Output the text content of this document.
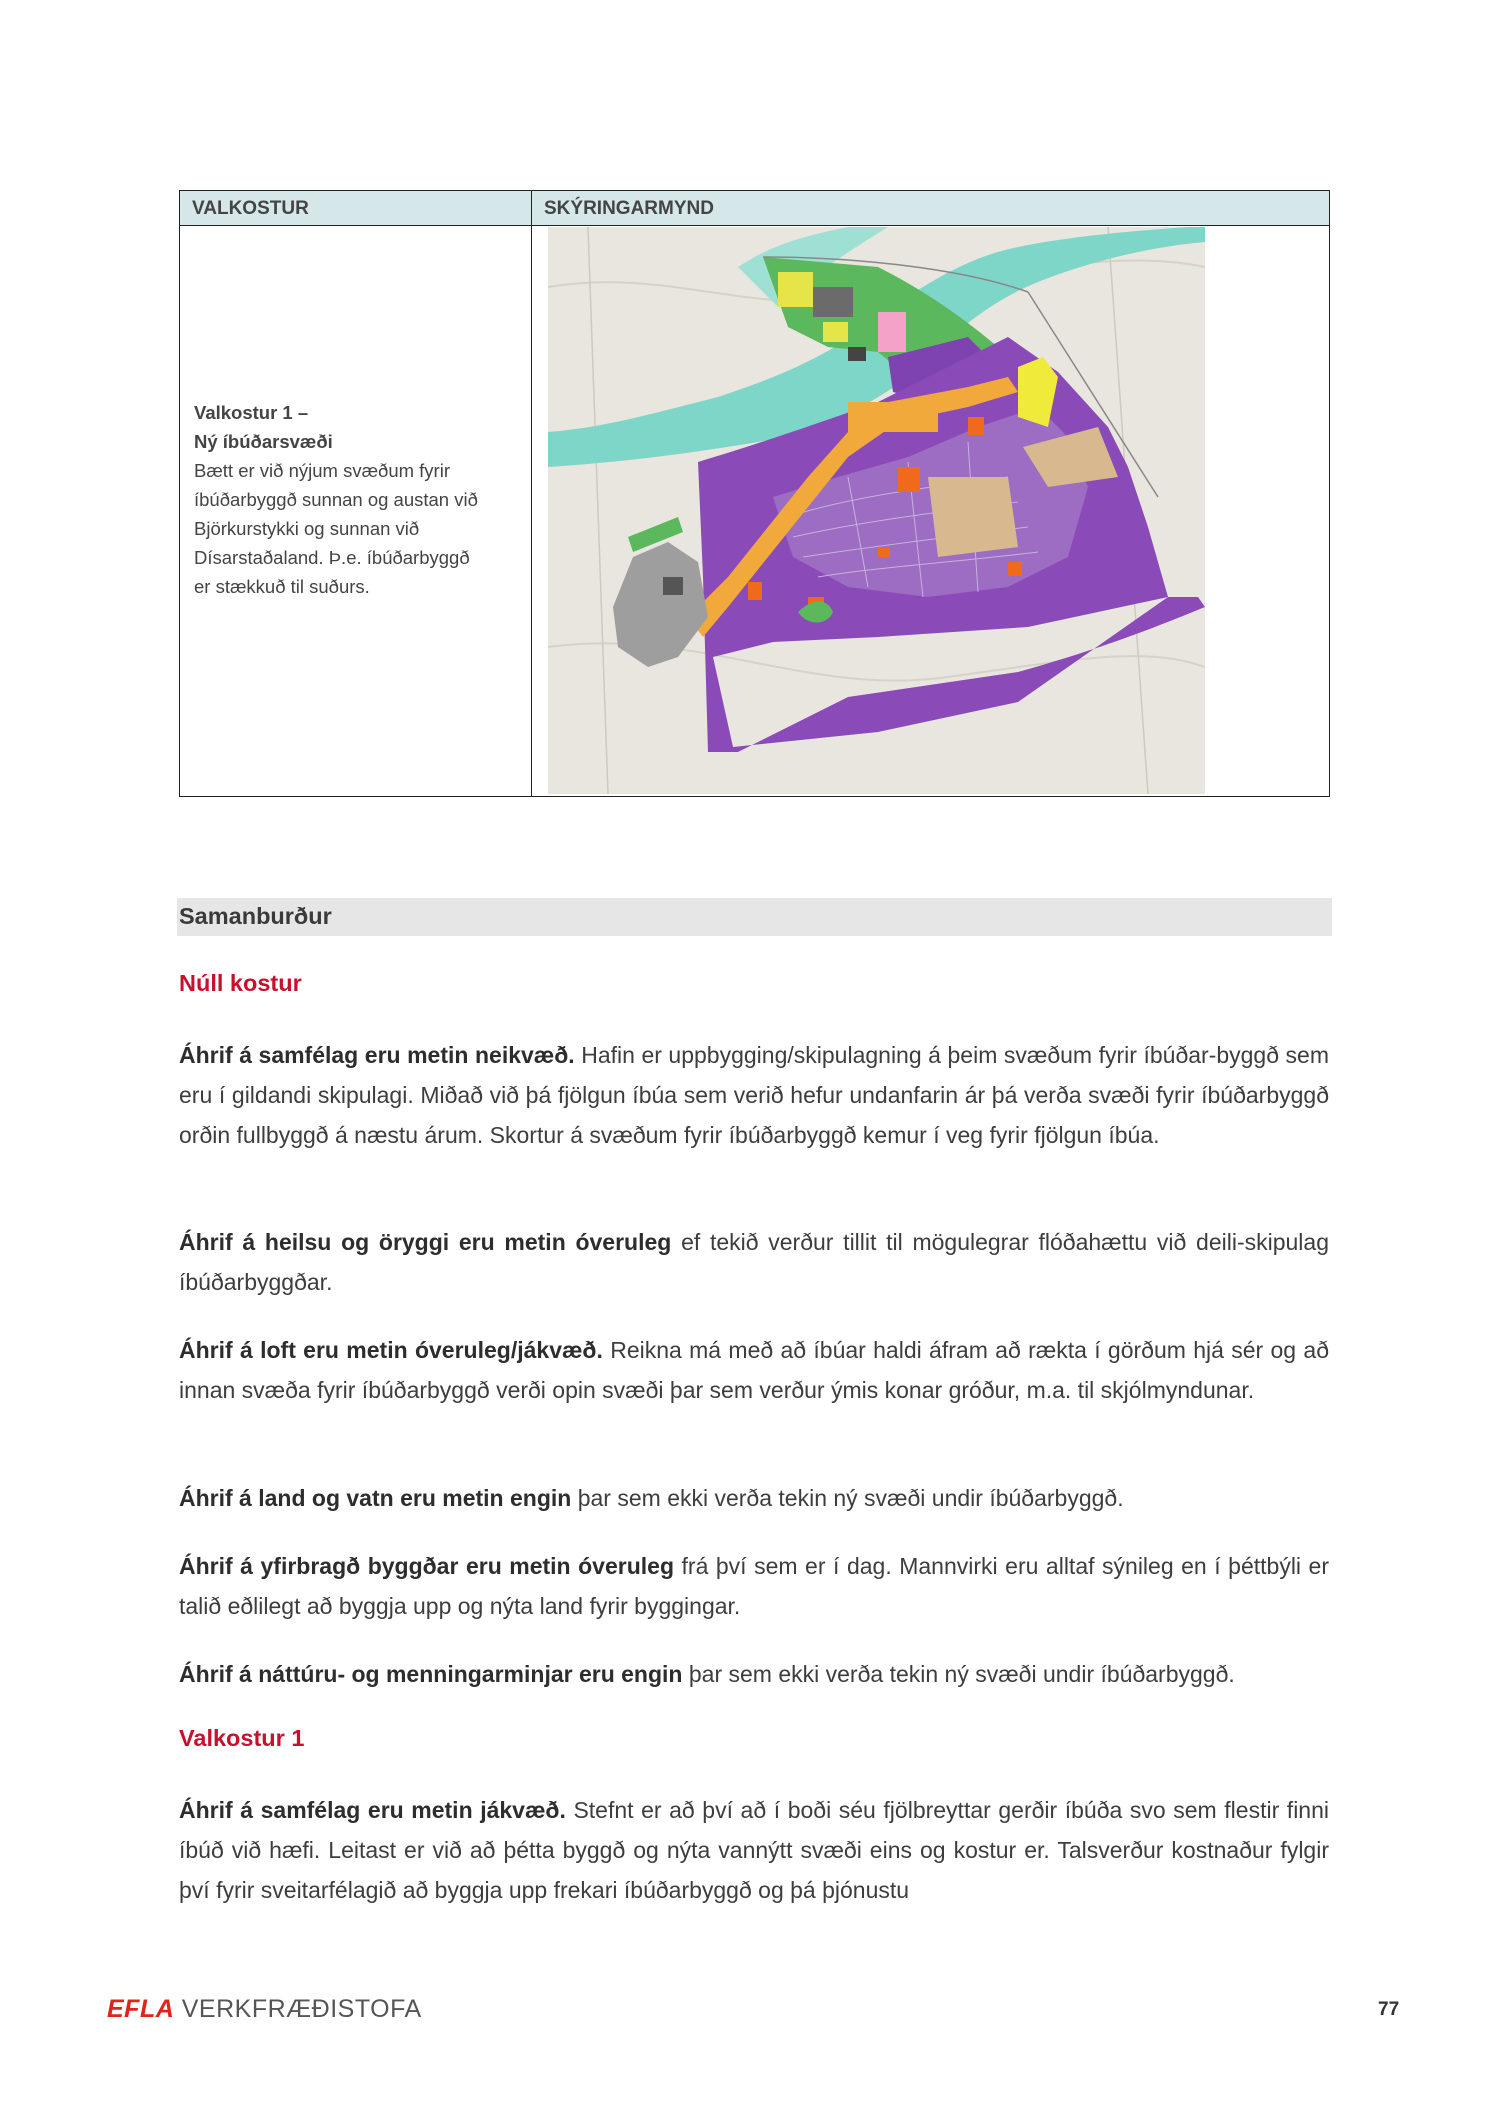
VALKOSTUR	SKÝRINGARMYND
Valkostur 1 –
Ný íbúðarsvæði
Bætt er við nýjum svæðum fyrir
íbúðarbyggð sunnan og austan við
Björkurstykki og sunnan við
Dísarstaðaland. Þ.e. íbúðarbyggð
er stækkuð til suðurs.
Samanburður
Núll kostur
Áhrif á samfélag eru metin neikvæð. Hafin er uppbygging/skipulagning á þeim svæðum fyrir íbúðar-byggð sem eru í gildandi skipulagi. Miðað við þá fjölgun íbúa sem verið hefur undanfarin ár þá verða svæði fyrir íbúðarbyggð orðin fullbyggð á næstu árum. Skortur á svæðum fyrir íbúðarbyggð kemur í veg fyrir fjölgun íbúa.
Áhrif á heilsu og öryggi eru metin óveruleg ef tekið verður tillit til mögulegrar flóðahættu við deili-skipulag íbúðarbyggðar.
Áhrif á loft eru metin óveruleg/jákvæð. Reikna má með að íbúar haldi áfram að rækta í görðum hjá sér og að innan svæða fyrir íbúðarbyggð verði opin svæði þar sem verður ýmis konar gróður, m.a. til skjólmyndunar.
Áhrif á land og vatn eru metin engin þar sem ekki verða tekin ný svæði undir íbúðarbyggð.
Áhrif á yfirbragð byggðar eru metin óveruleg frá því sem er í dag. Mannvirki eru alltaf sýnileg en í þéttbýli er talið eðlilegt að byggja upp og nýta land fyrir byggingar.
Áhrif á náttúru- og menningarminjar eru engin þar sem ekki verða tekin ný svæði undir íbúðarbyggð.
Valkostur 1
Áhrif á samfélag eru metin jákvæð. Stefnt er að því að í boði séu fjölbreyttar gerðir íbúða svo sem flestir finni íbúð við hæfi. Leitast er við að þétta byggð og nýta vannýtt svæði eins og kostur er. Talsverður kostnaður fylgir því fyrir sveitarfélagið að byggja upp frekari íbúðarbyggð og þá þjónustu
EFLA VERKFRÆÐISTOFA	77
